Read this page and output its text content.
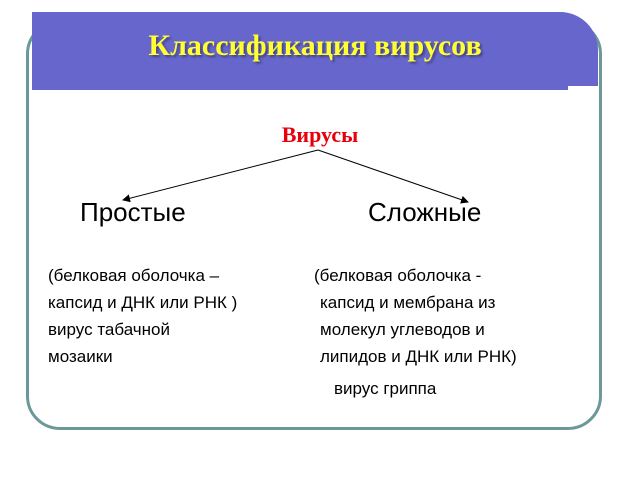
Классификация вирусов
Вирусы
Простые	Сложные
(белковая оболочка –
капсид и ДНК или РНК )
вирус табачной
мозаики
(белковая оболочка -
капсид и мембрана из
молекул углеводов и
липидов и ДНК или РНК)
вирус гриппа
